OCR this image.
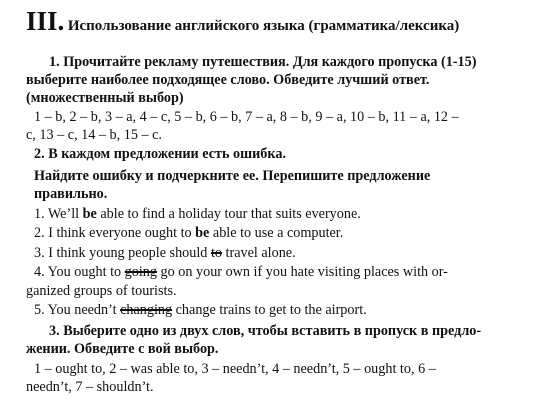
III. Использование английского языка (грамматика/лексика)
1. Прочитайте рекламу путешествия. Для каждого пропуска (1-15)
выберите наиболее подходящее слово. Обведите лучший ответ.
(множественный выбор)
1 – b, 2 – b, 3 – a, 4 – c, 5 – b, 6 – b, 7 – a, 8 – b, 9 – a, 10 – b, 11 – a, 12 –
c, 13 – c, 14 – b, 15 – c.
2. В каждом предложении есть ошибка.
Найдите ошибку и подчеркните ее. Перепишите предложение
правильно.
1. We’ll be able to find a holiday tour that suits everyone.
2. I think everyone ought to be able to use a computer.
3. I think young people should to travel alone.
4. You ought to going go on your own if you hate visiting places with or-
ganized groups of tourists.
5. You needn’t changing change trains to get to the airport.
3. Выберите одно из двух слов, чтобы вставить в пропуск в предло-
жении. Обведите с вой выбор.
1 – ought to, 2 – was able to, 3 – needn’t, 4 – needn’t, 5 – ought to, 6 –
needn’t, 7 – shouldn’t.
